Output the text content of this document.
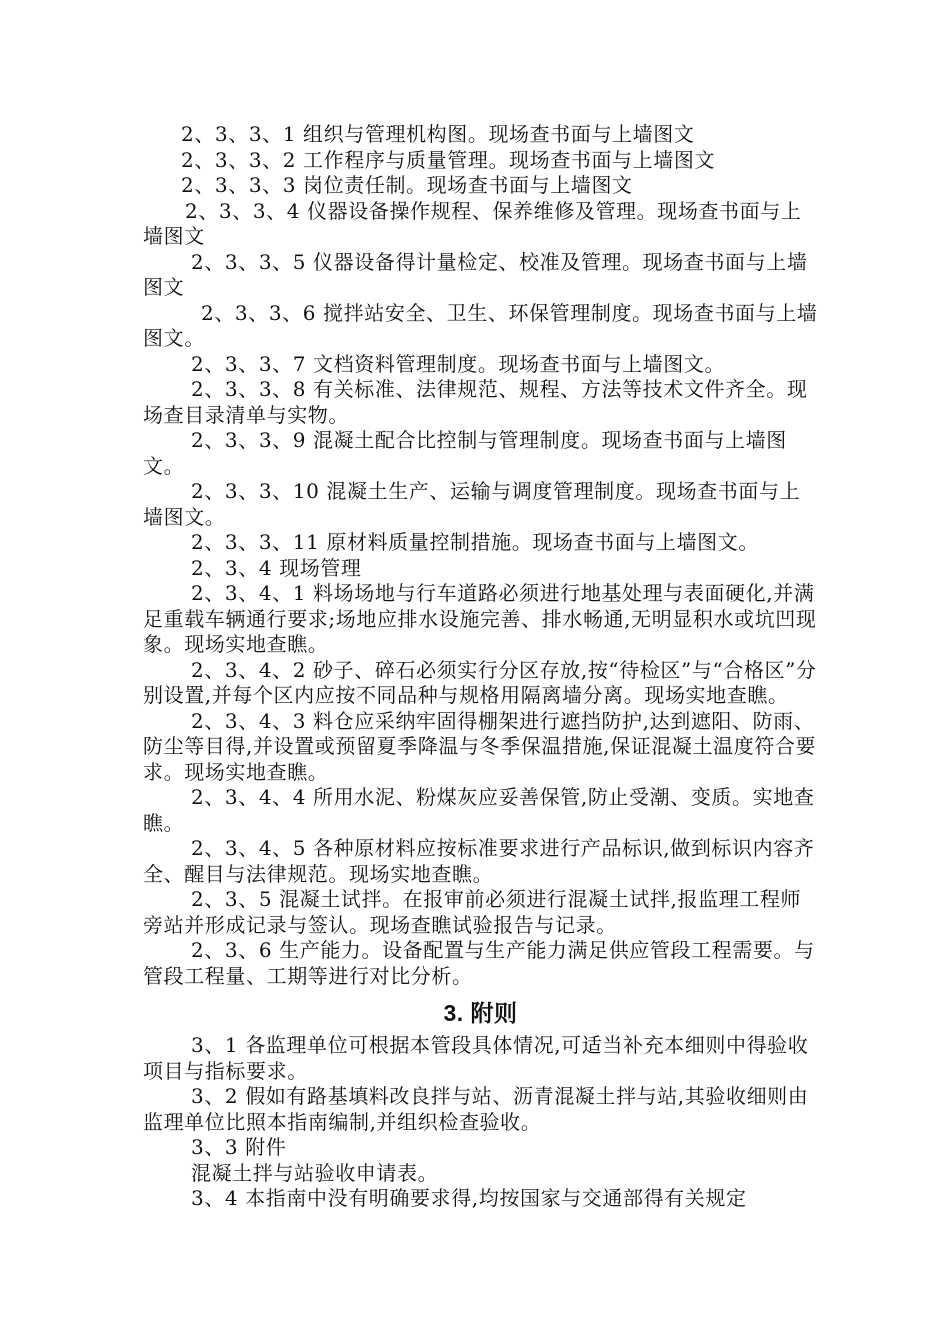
2、3、3、1 组织与管理机构图。现场查书面与上墙图文

2、3、3、2 工作程序与质量管理。现场查书面与上墙图文

2、3、3、3 岗位责任制。现场查书面与上墙图文

2、3、3、4 仪器设备操作规程、保养维修及管理。现场查书面与上墙图文

2、3、3、5 仪器设备得计量检定、校准及管理。现场查书面与上墙图文

2、3、3、6 搅拌站安全、卫生、环保管理制度。现场查书面与上墙图文。

2、3、3、7 文档资料管理制度。现场查书面与上墙图文。

2、3、3、8 有关标准、法律规范、规程、方法等技术文件齐全。现场查目录清单与实物。

2、3、3、9 混凝土配合比控制与管理制度。现场查书面与上墙图文。

2、3、3、10 混凝土生产、运输与调度管理制度。现场查书面与上墙图文。

2、3、3、11 原材料质量控制措施。现场查书面与上墙图文。

2、3、4 现场管理

2、3、4、1 料场场地与行车道路必须进行地基处理与表面硬化,并满足重载车辆通行要求;场地应排水设施完善、排水畅通,无明显积水或坑凹现象。现场实地查瞧。

2、3、4、2 砂子、碎石必须实行分区存放,按“待检区”与“合格区”分别设置,并每个区内应按不同品种与规格用隔离墙分离。现场实地查瞧。

2、3、4、3 料仓应采纳牢固得棚架进行遮挡防护,达到遮阳、防雨、防尘等目得,并设置或预留夏季降温与冬季保温措施,保证混凝土温度符合要求。现场实地查瞧。

2、3、4、4 所用水泥、粉煤灰应妥善保管,防止受潮、变质。实地查瞧。

2、3、4、5 各种原材料应按标准要求进行产品标识,做到标识内容齐全、醒目与法律规范。现场实地查瞧。

2、3、5 混凝土试拌。在报审前必须进行混凝土试拌,报监理工程师旁站并形成记录与签认。现场查瞧试验报告与记录。

2、3、6 生产能力。设备配置与生产能力满足供应管段工程需要。与管段工程量、工期等进行对比分析。

3. 附则

3、1 各监理单位可根据本管段具体情况,可适当补充本细则中得验收项目与指标要求。

3、2 假如有路基填料改良拌与站、沥青混凝土拌与站,其验收细则由监理单位比照本指南编制,并组织检查验收。

3、3 附件

混凝土拌与站验收申请表。

3、4 本指南中没有明确要求得,均按国家与交通部得有关规定
